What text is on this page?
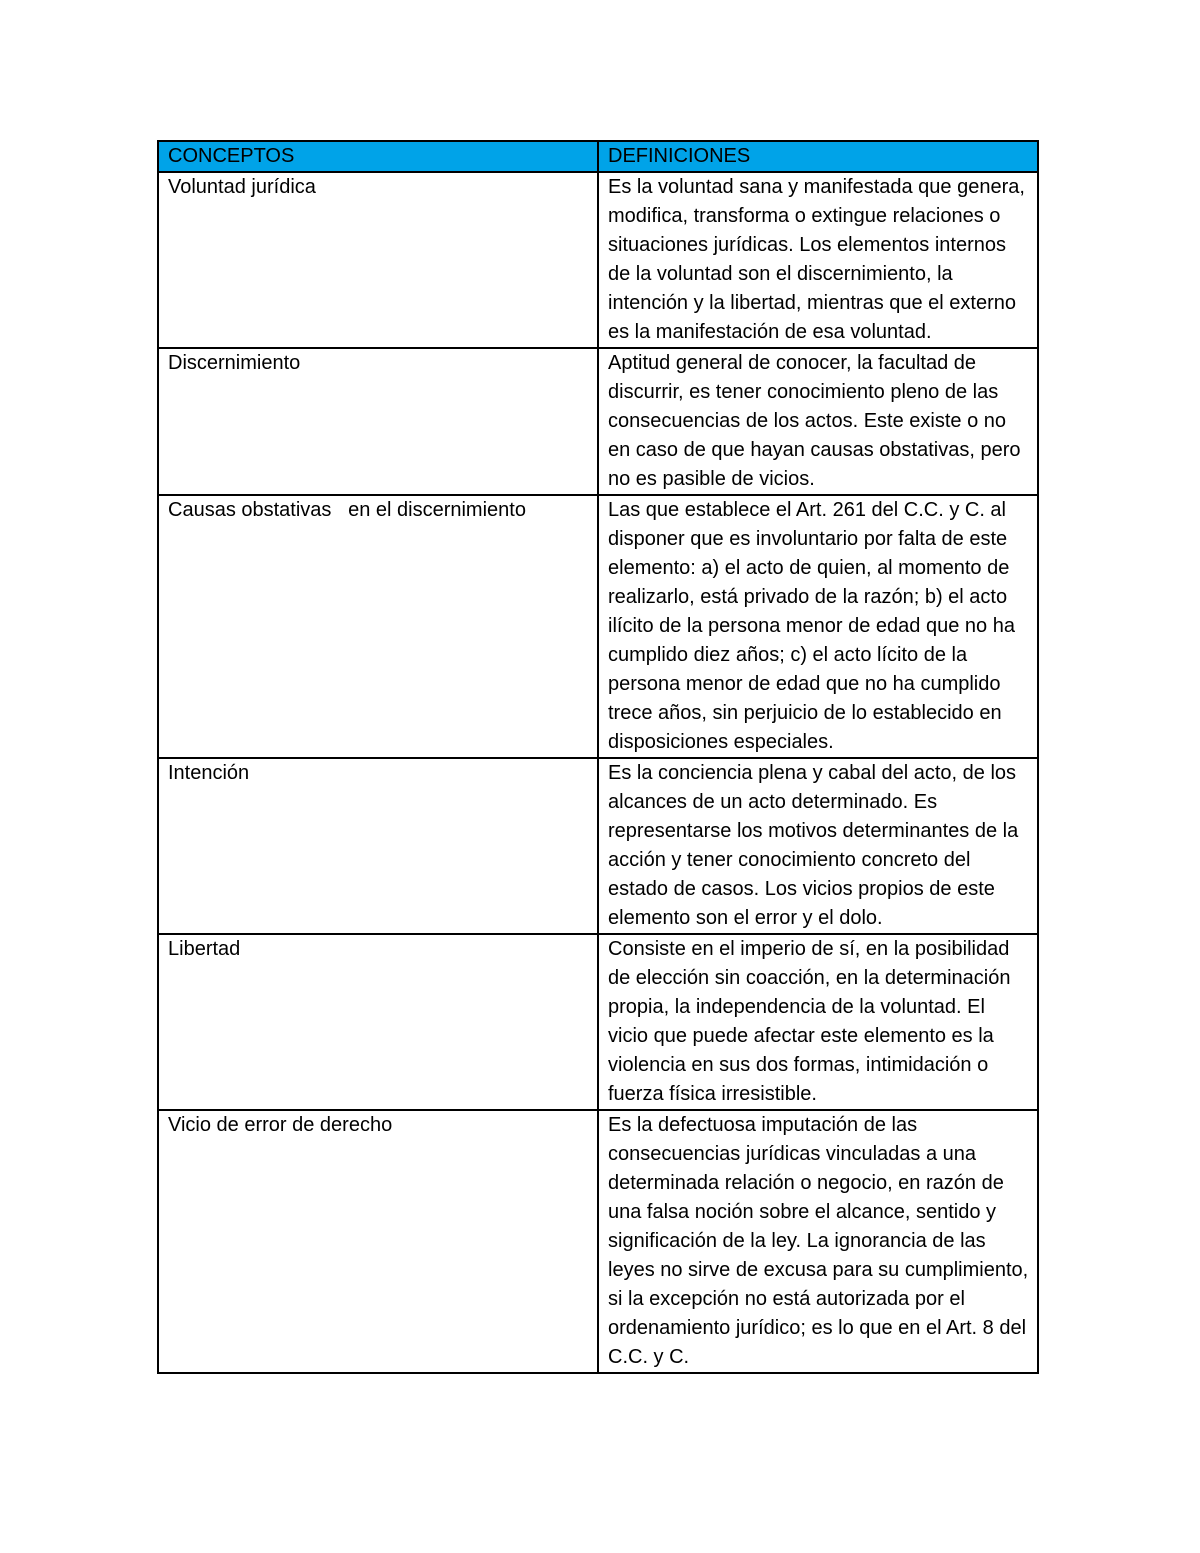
CONCEPTOS	DEFINICIONES
Voluntad jurídica	Es la voluntad sana y manifestada que genera, modifica, transforma o extingue relaciones o situaciones jurídicas. Los elementos internos de la voluntad son el discernimiento, la intención y la libertad, mientras que el externo es la manifestación de esa voluntad.
Discernimiento	Aptitud general de conocer, la facultad de discurrir, es tener conocimiento pleno de las consecuencias de los actos. Este existe o no en caso de que hayan causas obstativas, pero no es pasible de vicios.
Causas obstativas   en el discernimiento	Las que establece el Art. 261 del C.C. y C. al disponer que es involuntario por falta de este elemento: a) el acto de quien, al momento de realizarlo, está privado de la razón; b) el acto ilícito de la persona menor de edad que no ha cumplido diez años; c) el acto lícito de la persona menor de edad que no ha cumplido trece años, sin perjuicio de lo establecido en disposiciones especiales.
Intención	Es la conciencia plena y cabal del acto, de los alcances de un acto determinado. Es representarse los motivos determinantes de la acción y tener conocimiento concreto del estado de casos. Los vicios propios de este elemento son el error y el dolo.
Libertad	Consiste en el imperio de sí, en la posibilidad de elección sin coacción, en la determinación propia, la independencia de la voluntad. El vicio que puede afectar este elemento es la violencia en sus dos formas, intimidación o fuerza física irresistible.
Vicio de error de derecho	Es la defectuosa imputación de las consecuencias jurídicas vinculadas a una determinada relación o negocio, en razón de una falsa noción sobre el alcance, sentido y significación de la ley. La ignorancia de las leyes no sirve de excusa para su cumplimiento, si la excepción no está autorizada por el ordenamiento jurídico; es lo que en el Art. 8 del C.C. y C.
